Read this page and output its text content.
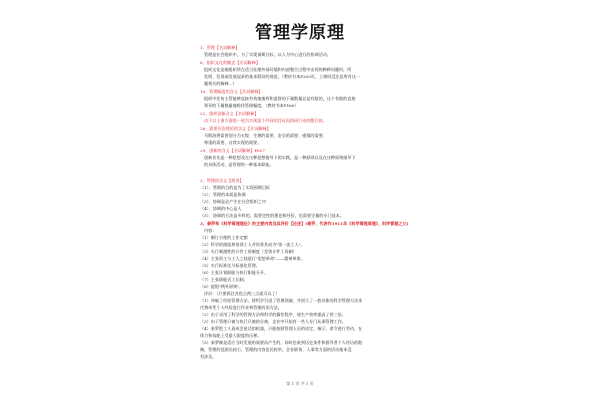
管理学原理
1、管理【名词解释】
管理是社会组织中，为了实现预期目标，以人为中心进行的协调活动。
6、组织文化的概念【名词解释】
组织文化是指组织所在适当处理外部环境和内部整合过程中出现的种种问题时，所
发明、发现或发展起来的基本假设的规范。（教材书本P203页，上课时没注意所有这一
题相关的解释…）
16、管理幅度的含义【名词解释】
组织中任何主管能够直接有效地指挥和监督的下属数量总是有限的，这个有限的直接
领导的下属数量被称作管理幅度。（教材书本P160）
22、组织创新含义【名词解释】
由于以上诸方面的一致为实现某个共同的目标而协同行动的整合体。
26、需要层次理论的含义【名词解释】
马斯洛将需要划分为五级：生理的需要、安全的需要、感情的需要、
尊重的需要、自我实现的需要。
29、创新的含义【名词解释】P627
创新首先是一种思想及在这种思想指导下的实践，是一种原则以及在这种原则指导下
的具体活动，是管理的一种基本职能。
2、管理的含义【简答】
（1）、管理的目的是为了实现预期目标
（2）、管理的本质是协调
（3）、协调是必产生在社会组织之中
（4）、协调的中心是人
（5）、协调的方法是多样的，需要定性的理论和经验，也需要定量的专门技术。
3、泰罗和《科学管理理论》的主要内容及其评价【论述】(泰罗，代表作1911年《科学管理原理》，科学管理之父)
内容：
（1）制订合理的工作定额
（2）科学的挑选和培训工人并培养其成为"第一流工人"。
（3）实行刺激性的计件工资制度（差别计件工资制）
（4）主张资主与工人之间进行"思想革命"——精神革命。
（5）实行标准化与标准化管理。
（6）主张计划职能与执行职能分开。
（7）主张职能式工长制。
（8）提倡"例外原则"。
评价：（只要抓住其优点两三点就可以了）
（1）冲破了经验管理方法，将科学引进了管理领域，并创立了一套具体的科学管理方法来
代替单凭个人经验进行作业和管理的旧方法。
（2）由于采用了科学的管理方法和科学的操作程序，使生产效率提高了两三倍。
（3）由于管理只被与执行只被的分离，企业中开始有一些人专门从事管理工作。
（4）泰罗把工人看成会说话的机器，只能按照管理人员的决定、指示、命令进行劳动，在
体力和技能上受最大限度的压榨。
（5）泰罗制是适应当时发展的需要而产生的，同时也收到历史条件和倡导者个人经历的限
制，管理的范围比较小，管理的内容也比较窄，企业职务，人事等方面的活动基本没
有涉及。
第 1 页 共 1 页
